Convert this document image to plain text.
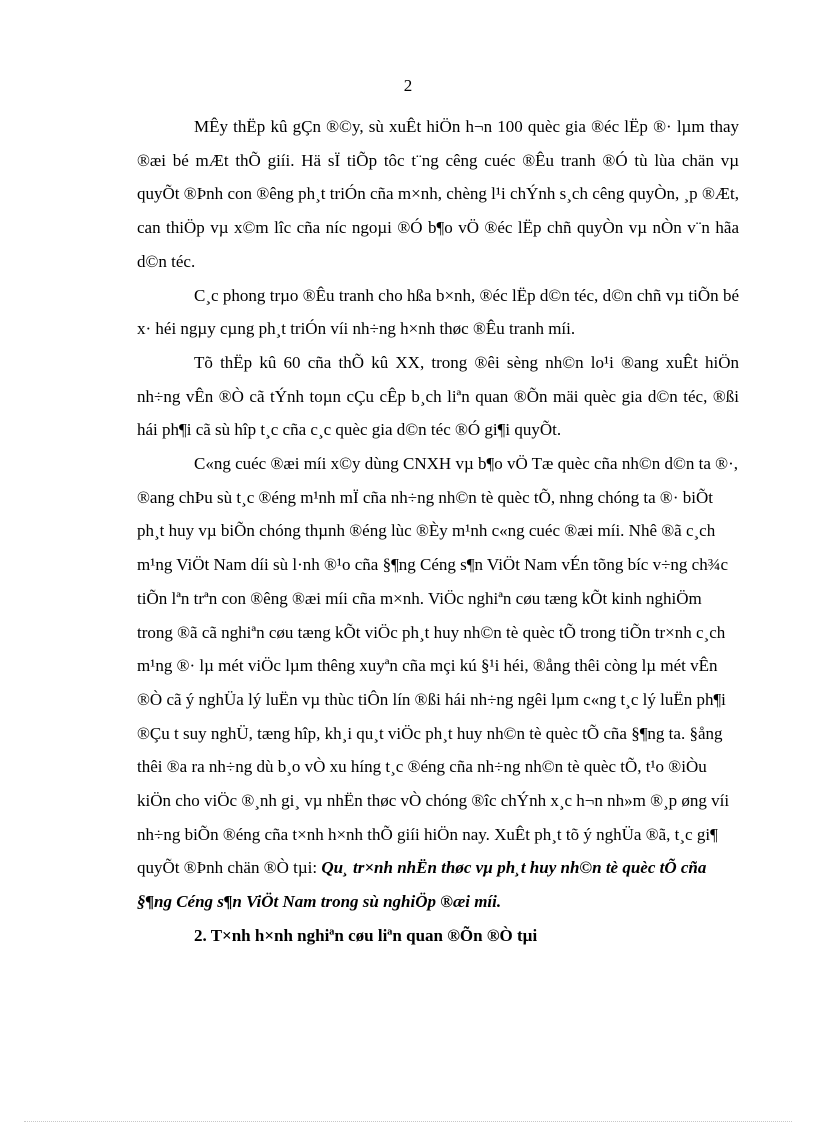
2

MÊy thËp kû gÇn ®©y, sù xuÊt hiÖn h¬n 100 quèc gia ®éc lËp ®· lµm thay ®æi bé mÆt thÕ giíi. Hä sÏ tiÕp tôc t¨ng cêng cuéc ®Êu tranh ®Ó tù lùa chän vµ quyÕt ®Þnh con ®êng ph¸t triÓn cña m×nh, chèng l¹i chÝnh s¸ch cêng quyÒn, ¸p ®Æt, can thiÖp vµ x©m lîc cña níc ngoµi ®Ó b¶o vÖ ®éc lËp chñ quyÒn vµ nÒn v¨n hãa d©n téc.

C¸c phong trµo ®Êu tranh cho hßa b×nh, ®éc lËp d©n téc, d©n chñ vµ tiÕn bé x· héi ngµy cµng ph¸t triÓn víi nh÷ng h×nh thøc ®Êu tranh míi.

Tõ thËp kû 60 cña thÕ kû XX, trong ®êi sèng nh©n lo¹i ®ang xuÊt hiÖn nh÷ng vÊn ®Ò cã tÝnh toµn cÇu cÊp b¸ch liªn quan ®Õn mäi quèc gia d©n téc, ®ßi hái ph¶i cã sù hîp t¸c cña c¸c quèc gia d©n téc ®Ó gi¶i quyÕt.

C«ng cuéc ®æi míi x©y dùng CNXH vµ b¶o vÖ Tæ quèc cña nh©n d©n ta ®·, ®ang chÞu sù t¸c ®éng m¹nh mÏ cña nh÷ng nh©n tè quèc tÕ, nhng chóng ta ®· biÕt ph¸t huy vµ biÕn chóng thµnh ®éng lùc ®Èy m¹nh c«ng cuéc ®æi míi. Nhê ®ã c¸ch m¹ng ViÖt Nam díi sù l·nh ®¹o cña §¶ng Céng s¶n ViÖt Nam vÉn tõng bíc v÷ng ch¾c tiÕn lªn trªn con ®êng ®æi míi cña m×nh. ViÖc nghiªn cøu tæng kÕt kinh nghiÖm trong ®ã cã nghiªn cøu tæng kÕt viÖc ph¸t huy nh©n tè quèc tÕ trong tiÕn tr×nh c¸ch m¹ng ®· lµ mét viÖc lµm thêng xuyªn cña mçi kú §¹i héi, ®ång thêi còng lµ mét vÊn ®Ò cã ý nghÜa lý luËn vµ thùc tiÔn lín ®ßi hái nh÷ng ngêi lµm c«ng t¸c lý luËn ph¶i ®Çu t suy nghÜ, tæng hîp, kh¸i qu¸t viÖc ph¸t huy nh©n tè quèc tÕ cña §¶ng ta. §ång thêi ®a ra nh÷ng dù b¸o vÒ xu híng t¸c ®éng cña nh÷ng nh©n tè quèc tÕ, t¹o ®iÒu kiÖn cho viÖc ®¸nh gi¸ vµ nhËn thøc vÒ chóng ®îc chÝnh x¸c h¬n nh»m ®¸p øng víi nh÷ng biÕn ®éng cña t×nh h×nh thÕ giíi hiÖn nay. XuÊt ph¸t tõ ý nghÜa ®ã, t¸c gi¶ quyÕt ®Þnh chän ®Ò tµi: Qu¸ tr×nh nhËn thøc vµ ph¸t huy nh©n tè quèc tÕ cña §¶ng Céng s¶n ViÖt Nam trong sù nghiÖp ®æi míi.

2. T×nh h×nh nghiªn cøu liªn quan ®Õn ®Ò tµi
